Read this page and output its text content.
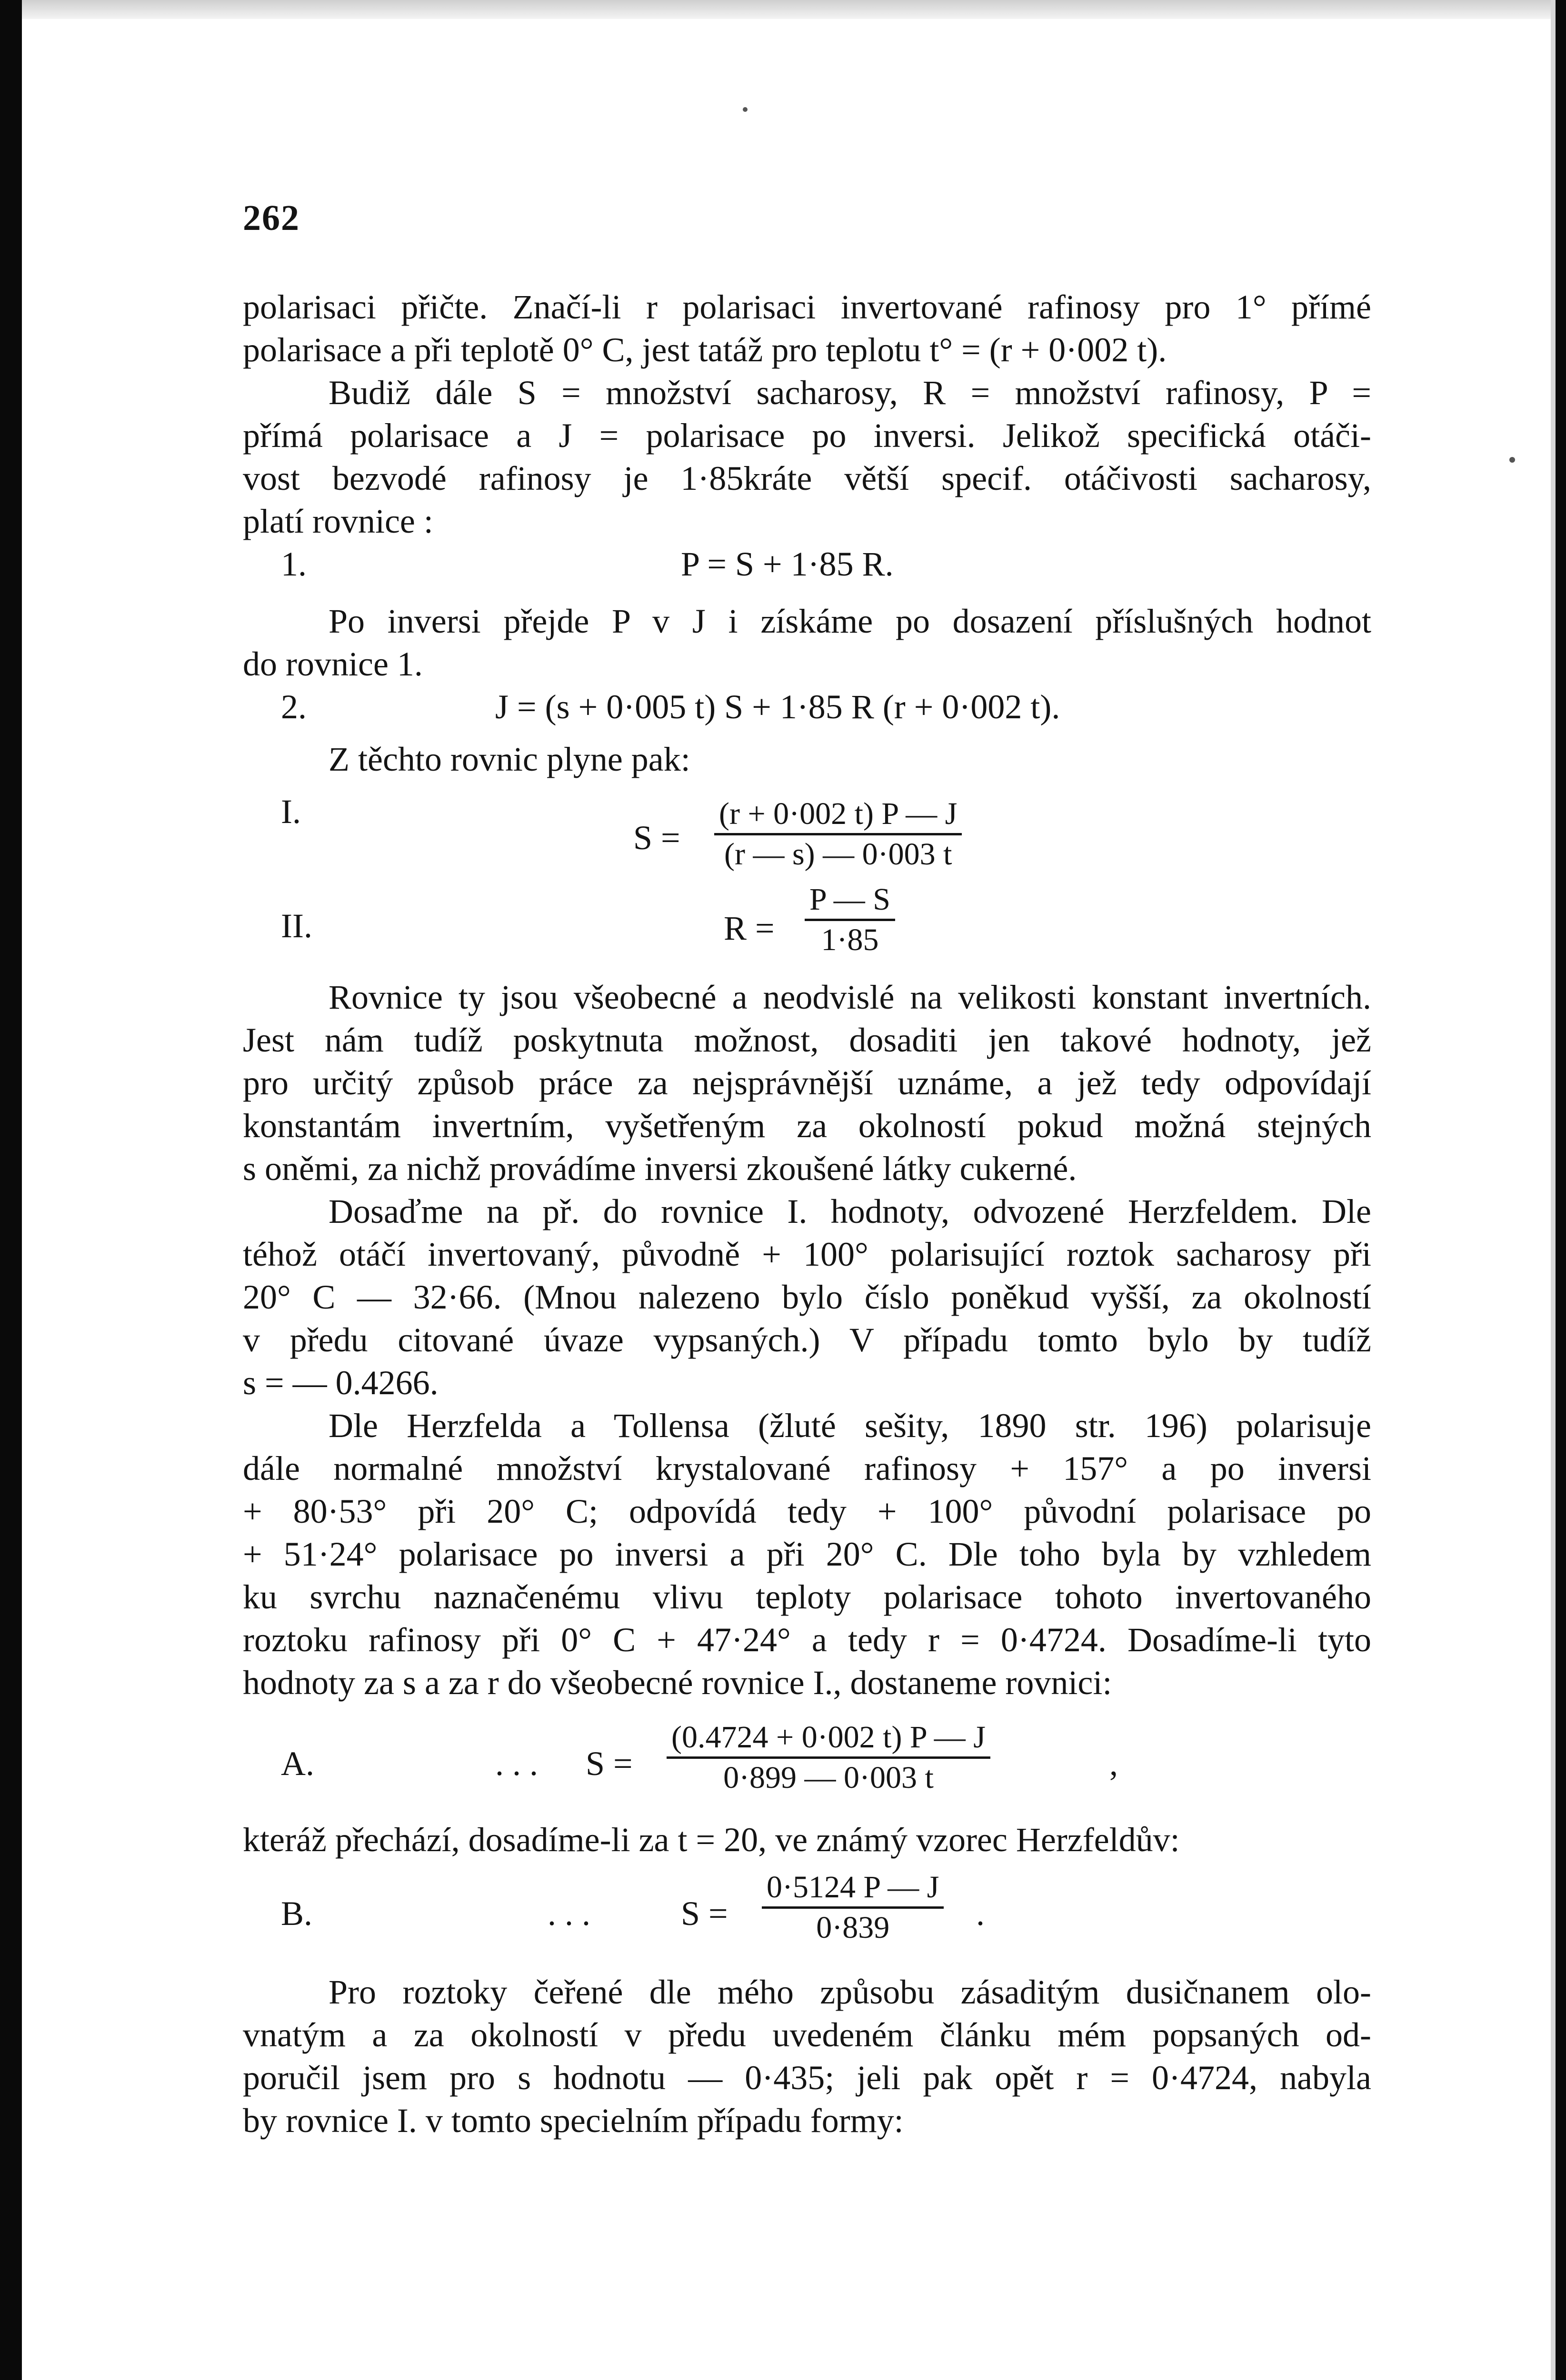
262
polarisaci přičte. Značí-li r polarisaci invertované rafinosy pro 1° přímé
polarisace a při teplotě 0° C, jest tatáž pro teplotu t° = (r + 0·002 t).
Budiž dále S = množství sacharosy, R = množství rafinosy, P =
přímá polarisace a J = polarisace po inversi. Jelikož specifická otáči-
vost bezvodé rafinosy je 1·85kráte větší specif. otáčivosti sacharosy,
platí rovnice :
1.	P = S + 1·85 R.
Po inversi přejde P v J i získáme po dosazení příslušných hodnot
do rovnice 1.
2.	J = (s + 0·005 t) S + 1·85 R (r + 0·002 t).
Z těchto rovnic plyne pak:
I.
$S = \frac{(r + 0\cdot 002 t) P — J}{(r — s) — 0\cdot 003 t}$
II.	$R = \frac{P — S}{1\cdot 85}$
Rovnice ty jsou všeobecné a neodvislé na velikosti konstant invertních.
Jest nám tudíž poskytnuta možnost, dosaditi jen takové hodnoty, jež
pro určitý způsob práce za nejsprávnější uznáme, a jež tedy odpovídají
konstantám invertním, vyšetřeným za okolností pokud možná stejných
s oněmi, za nichž provádíme inversi zkoušené látky cukerné.
Dosaďme na př. do rovnice I. hodnoty, odvozené Herzfeldem. Dle
téhož otáčí invertovaný, původně + 100° polarisující roztok sacharosy při
20° C — 32·66. (Mnou nalezeno bylo číslo poněkud vyšší, za okolností
v předu citované úvaze vypsaných.) V případu tomto bylo by tudíž
s = — 0.4266.
Dle Herzfelda a Tollensa (žluté sešity, 1890 str. 196) polarisuje
dále normalné množství krystalované rafinosy + 157° a po inversi
+ 80·53° při 20° C; odpovídá tedy + 100° původní polarisace po
+ 51·24° polarisace po inversi a při 20° C. Dle toho byla by vzhledem
ku svrchu naznačenému vlivu teploty polarisace tohoto invertovaného
roztoku rafinosy při 0° C + 47·24° a tedy r = 0·4724. Dosadíme-li tyto
hodnoty za s a za r do všeobecné rovnice I., dostaneme rovnici:
A.	. . . $S = \frac{(0.4724 + 0\cdot 002 t) P — J}{0\cdot 899 — 0\cdot 003 t}$	,
kteráž přechází, dosadíme-li za t = 20, ve známý vzorec Herzfeldův:
B.	. . .	$S = \frac{0\cdot 5124 P — J}{0\cdot 839}$ .
Pro roztoky čeřené dle mého způsobu zásaditým dusičnanem olo-
vnatým a za okolností v předu uvedeném článku mém popsaných od-
poručil jsem pro s hodnotu — 0·435; jeli pak opět r = 0·4724, nabyla
by rovnice I. v tomto specielním případu formy:
